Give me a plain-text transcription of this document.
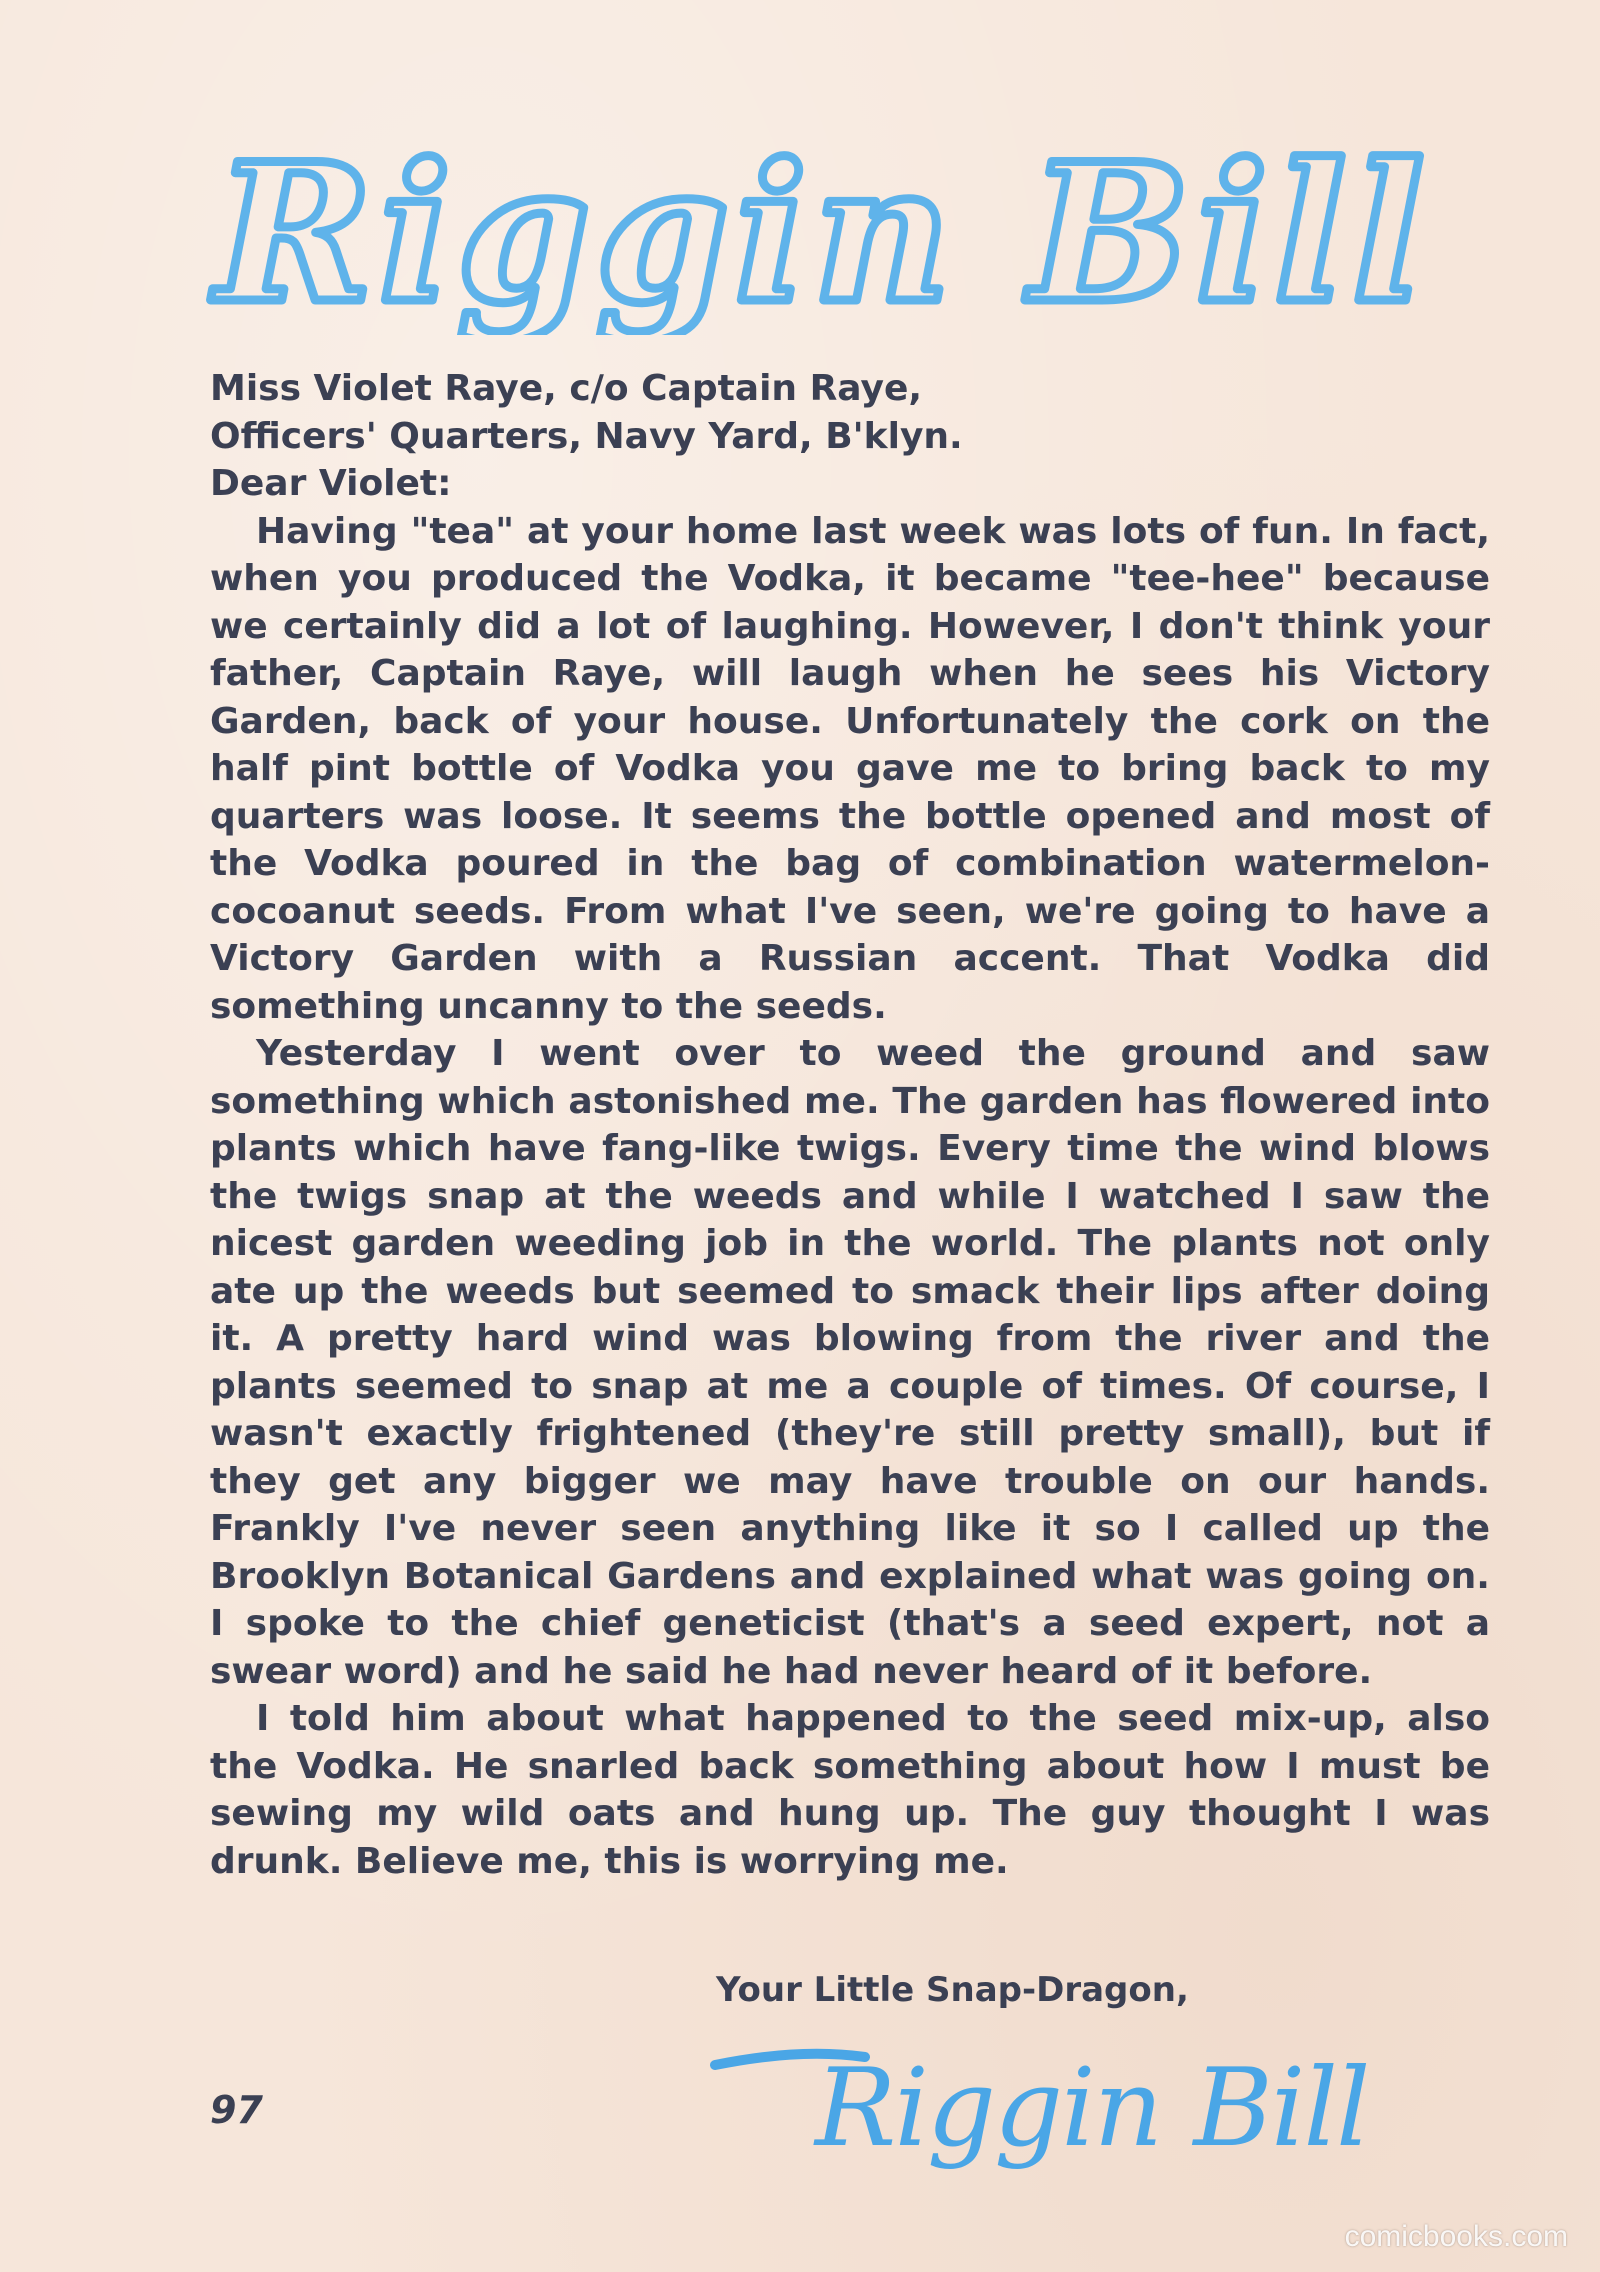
Riggin Bill

Miss Violet Raye, c/o Captain Raye,

Officers' Quarters, Navy Yard, B'klyn.

Dear Violet:

Having "tea" at your home last week was lots of fun. In fact, when you produced the Vodka, it became "tee-hee" because we certainly did a lot of laughing. However, I don't think your father, Captain Raye, will laugh when he sees his Victory Garden, back of your house. Unfortunately the cork on the half pint bottle of Vodka you gave me to bring back to my quarters was loose. It seems the bottle opened and most of the Vodka poured in the bag of combination watermelon-cocoanut seeds. From what I've seen, we're going to have a Victory Garden with a Russian accent. That Vodka did something uncanny to the seeds.

Yesterday I went over to weed the ground and saw something which astonished me. The garden has flowered into plants which have fang-like twigs. Every time the wind blows the twigs snap at the weeds and while I watched I saw the nicest garden weeding job in the world. The plants not only ate up the weeds but seemed to smack their lips after doing it. A pretty hard wind was blowing from the river and the plants seemed to snap at me a couple of times. Of course, I wasn't exactly frightened (they're still pretty small), but if they get any bigger we may have trouble on our hands. Frankly I've never seen anything like it so I called up the Brooklyn Botanical Gardens and explained what was going on. I spoke to the chief geneticist (that's a seed expert, not a swear word) and he said he had never heard of it before.

I told him about what happened to the seed mix-up, also the Vodka. He snarled back something about how I must be sewing my wild oats and hung up. The guy thought I was drunk. Believe me, this is worrying me.

Your Little Snap-Dragon,
Riggin Bill
97
comicbooks.com
